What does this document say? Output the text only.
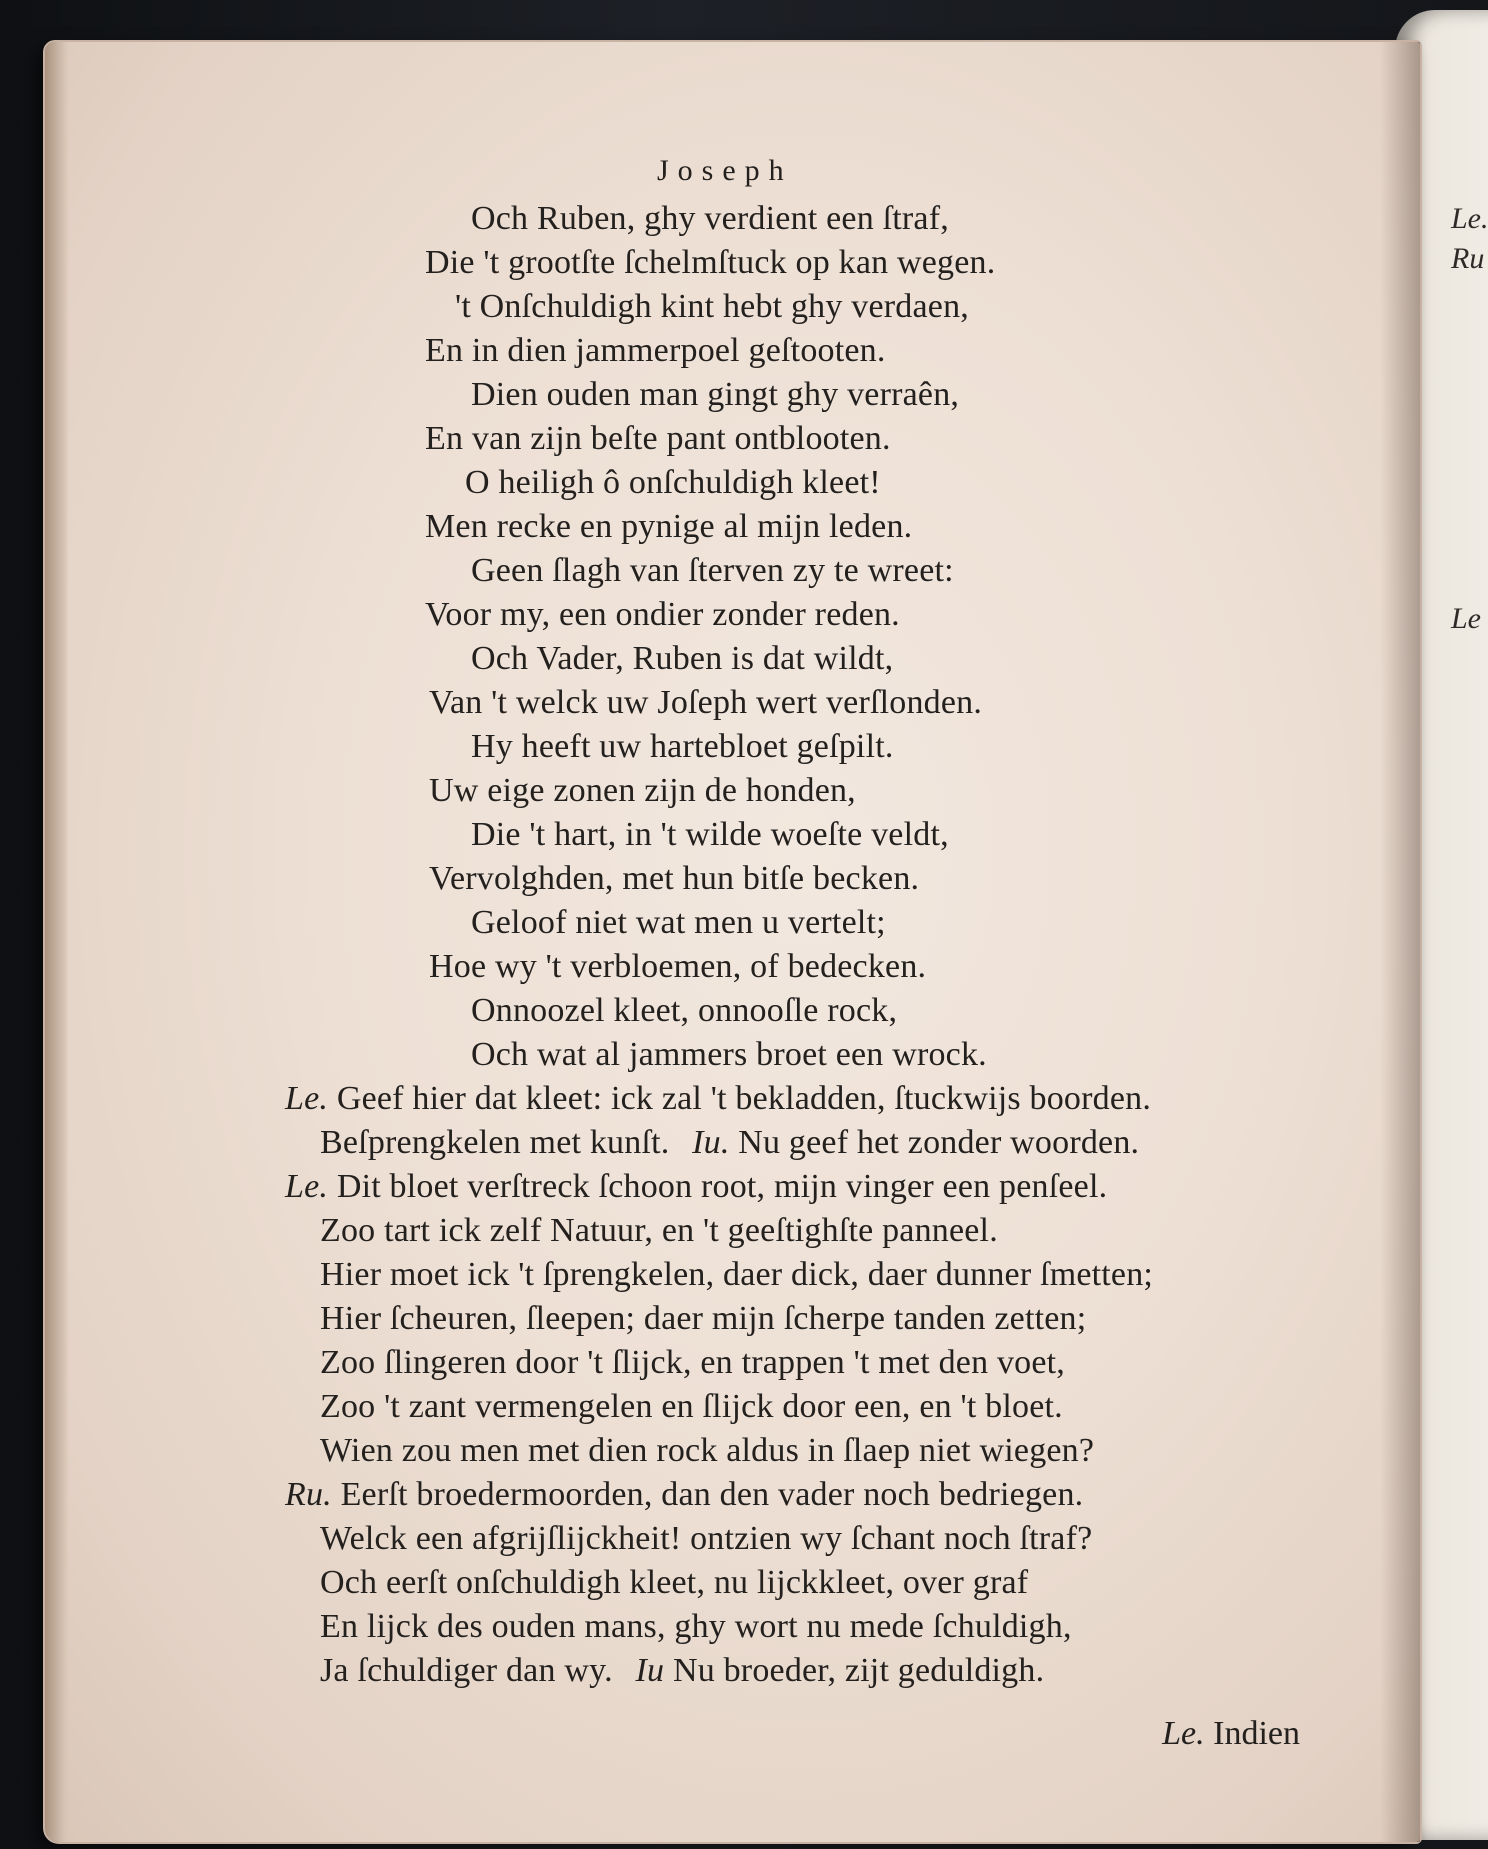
Le.
Ru
Le
Joseph
Och Ruben, ghy verdient een ſtraf,
Die 't grootſte ſchelmſtuck op kan wegen.
't Onſchuldigh kint hebt ghy verdaen,
En in dien jammerpoel geſtooten.
Dien ouden man gingt ghy verraên,
En van zijn beſte pant ontblooten.
O heiligh ô onſchuldigh kleet!
Men recke en pynige al mijn leden.
Geen ſlagh van ſterven zy te wreet:
Voor my, een ondier zonder reden.
Och Vader, Ruben is dat wildt,
Van 't welck uw Joſeph wert verſlonden.
Hy heeft uw hartebloet geſpilt.
Uw eige zonen zijn de honden,
Die 't hart, in 't wilde woeſte veldt,
Vervolghden, met hun bitſe becken.
Geloof niet wat men u vertelt;
Hoe wy 't verbloemen, of bedecken.
Onnoozel kleet, onnooſle rock,
Och wat al jammers broet een wrock.
Le. Geef hier dat kleet: ick zal 't bekladden, ſtuckwijs boorden.
Beſprengkelen met kunſt. Iu. Nu geef het zonder woorden.
Le. Dit bloet verſtreck ſchoon root, mijn vinger een penſeel.
Zoo tart ick zelf Natuur, en 't geeſtighſte panneel.
Hier moet ick 't ſprengkelen, daer dick, daer dunner ſmetten;
Hier ſcheuren, ſleepen; daer mijn ſcherpe tanden zetten;
Zoo ſlingeren door 't ſlijck, en trappen 't met den voet,
Zoo 't zant vermengelen en ſlijck door een, en 't bloet.
Wien zou men met dien rock aldus in ſlaep niet wiegen?
Ru. Eerſt broedermoorden, dan den vader noch bedriegen.
Welck een afgrijſlijckheit! ontzien wy ſchant noch ſtraf?
Och eerſt onſchuldigh kleet, nu lijckkleet, over graf
En lijck des ouden mans, ghy wort nu mede ſchuldigh,
Ja ſchuldiger dan wy. Iu Nu broeder, zijt geduldigh.
Le. Indien
